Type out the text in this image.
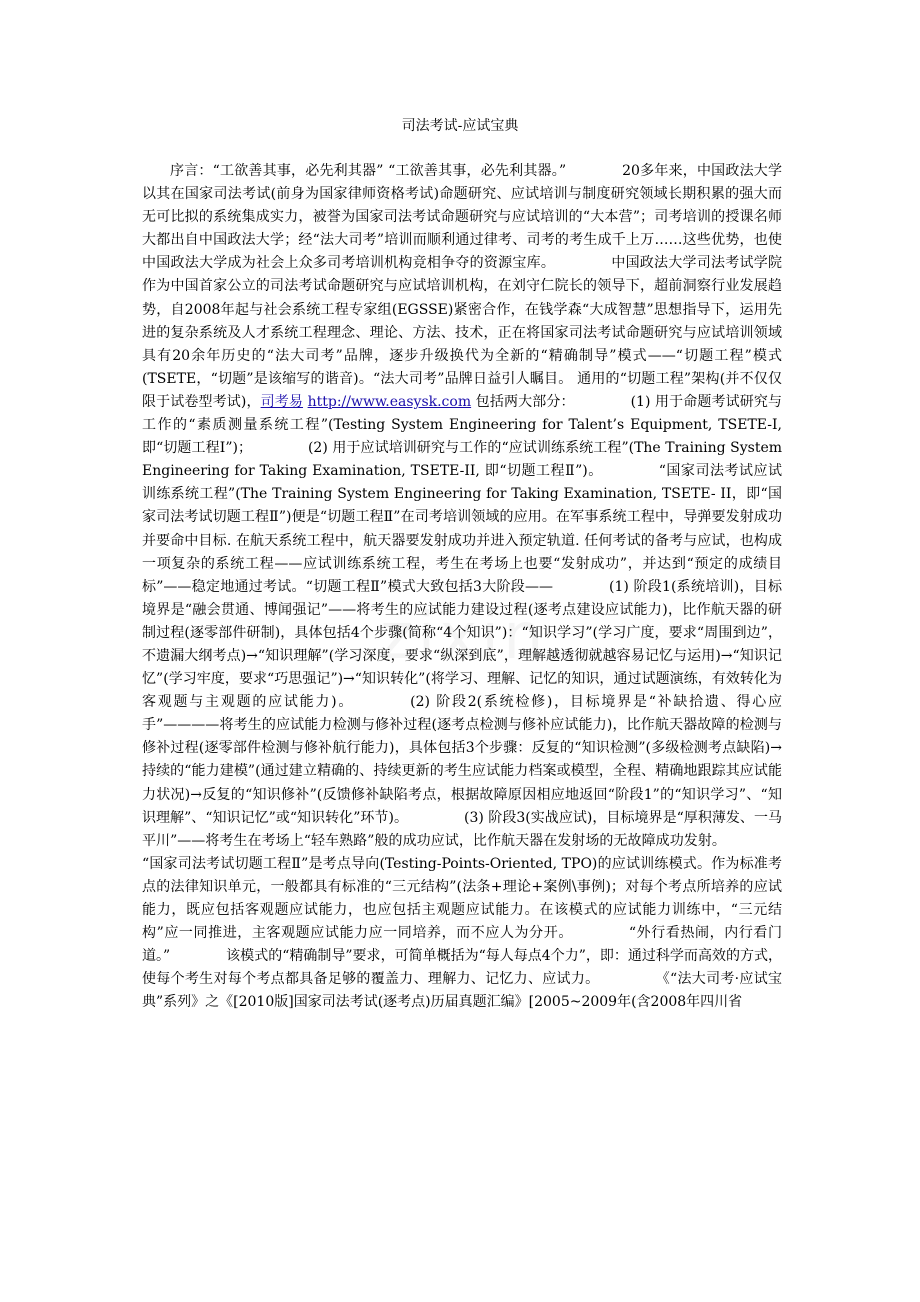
司法考试-应试宝典
序言：“工欲善其事，必先利其器” “工欲善其事，必先利其器。”	20多年来，中国政法大学以其在国家司法考试(前身为国家律师资格考试)命题研究、应试培训与制度研究领域长期积累的强大而无可比拟的系统集成实力，被誉为国家司法考试命题研究与应试培训的“大本营”；司考培训的授课名师大都出自中国政法大学；经“法大司考”培训而顺利通过律考、司考的考生成千上万……这些优势，也使中国政法大学成为社会上众多司考培训机构竞相争夺的资源宝库。	中国政法大学司法考试学院作为中国首家公立的司法考试命题研究与应试培训机构，在刘守仁院长的领导下，超前洞察行业发展趋势，自2008年起与社会系统工程专家组(EGSSE)紧密合作，在钱学森“大成智慧”思想指导下，运用先进的复杂系统及人才系统工程理念、理论、方法、技术，正在将国家司法考试命题研究与应试培训领域具有20余年历史的“法大司考”品牌，逐步升级换代为全新的“精确制导”模式——“切题工程”模式(TSETE，“切题”是该缩写的谐音)。“法大司考”品牌日益引人瞩目。 通用的“切题工程”架构(并不仅仅限于试卷型考试)，司考易 http://www.easysk.com 包括两大部分：	(1) 用于命题考试研究与工作的“素质测量系统工程”(Testing System Engineering for Talent’s Equipment, TSETE-I, 即“切题工程Ⅰ”)；	(2) 用于应试培训研究与工作的“应试训练系统工程”(The Training System Engineering for Taking Examination, TSETE-II, 即“切题工程Ⅱ”)。	“国家司法考试应试训练系统工程”(The Training System Engineering for Taking Examination, TSETE- II，即“国家司法考试切题工程Ⅱ”)便是“切题工程Ⅱ”在司考培训领域的应用。在军事系统工程中，导弹要发射成功并要命中目标. 在航天系统工程中，航天器要发射成功并进入预定轨道. 任何考试的备考与应试，也构成一项复杂的系统工程——应试训练系统工程，考生在考场上也要“发射成功”，并达到“预定的成绩目标”——稳定地通过考试。“切题工程Ⅱ”模式大致包括3大阶段——	(1) 阶段1(系统培训)，目标境界是“融会贯通、博闻强记”——将考生的应试能力建设过程(逐考点建设应试能力)，比作航天器的研制过程(逐零部件研制)，具体包括4个步骤(简称“4个知识”)：“知识学习”(学习广度，要求“周围到边”，不遗漏大纲考点)→“知识理解”(学习深度，要求“纵深到底”，理解越透彻就越容易记忆与运用)→“知识记忆”(学习牢度，要求“巧思强记”)→“知识转化”(将学习、理解、记忆的知识，通过试题演练，有效转化为客观题与主观题的应试能力)。	(2) 阶段2(系统检修)，目标境界是“补缺拾遗、得心应手”————将考生的应试能力检测与修补过程(逐考点检测与修补应试能力)，比作航天器故障的检测与修补过程(逐零部件检测与修补航行能力)，具体包括3个步骤：反复的“知识检测”(多级检测考点缺陷)→持续的“能力建模”(通过建立精确的、持续更新的考生应试能力档案或模型，全程、精确地跟踪其应试能力状况)→反复的“知识修补”(反馈修补缺陷考点，根据故障原因相应地返回“阶段1”的“知识学习”、“知识理解”、“知识记忆”或“知识转化”环节)。	(3) 阶段3(实战应试)，目标境界是“厚积薄发、一马平川”——将考生在考场上“轻车熟路”般的成功应试，比作航天器在发射场的无故障成功发射。“国家司法考试切题工程Ⅱ”是考点导向(Testing-Points-Oriented, TPO)的应试训练模式。作为标准考点的法律知识单元，一般都具有标准的“三元结构”(法条+理论+案例\事例)；对每个考点所培养的应试能力，既应包括客观题应试能力，也应包括主观题应试能力。在该模式的应试能力训练中，“三元结构”应一同推进，主客观题应试能力应一同培养，而不应人为分开。	“外行看热闹，内行看门道。”	该模式的“精确制导”要求，可简单概括为“每人每点4个力”，即：通过科学而高效的方式，使每个考生对每个考点都具备足够的覆盖力、理解力、记忆力、应试力。	《“法大司考·应试宝典”系列》之《[2010版]国家司法考试(逐考点)历届真题汇编》[2005~2009年(含2008年四川省
